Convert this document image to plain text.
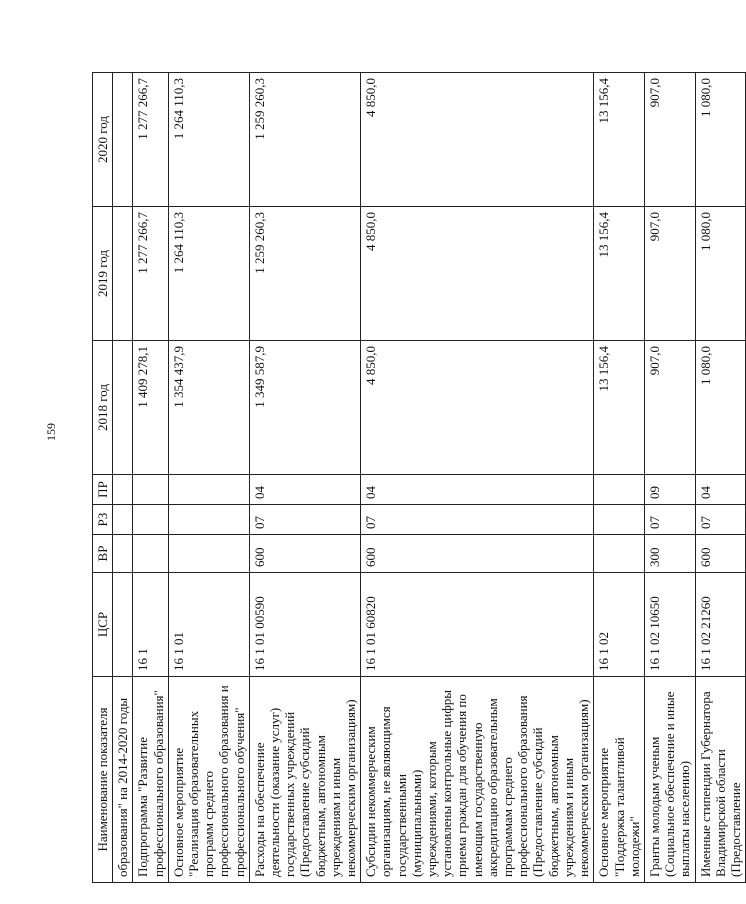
159
Наименование показателя	ЦСР	ВР	РЗ	ПР	2018 год	2019 год	2020 год
образования" на 2014-2020 годы							
Подпрограмма "Развитие профессионального образования"	16 1				1 409 278,1	1 277 266,7	1 277 266,7
Основное мероприятие "Реализация образовательных программ среднего профессионального образования и профессионального обучения"	16 1 01				1 354 437,9	1 264 110,3	1 264 110,3
Расходы на обеспечение деятельности (оказание услуг) государственных учреждений (Предоставление субсидий бюджетным, автономным учреждениям и иным некоммерческим организациям)	16 1 01 00590	600	07	04	1 349 587,9	1 259 260,3	1 259 260,3
Субсидии некоммерческим организациям, не являющимся государственными (муниципальными) учреждениями, которым установлены контрольные цифры приема граждан для обучения по имеющим государственную аккредитацию образовательным программам среднего профессионального образования (Предоставление субсидий бюджетным, автономным учреждениям и иным некоммерческим организациям)	16 1 01 60820	600	07	04	4 850,0	4 850,0	4 850,0
Основное мероприятие "Поддержка талантливой молодежи"	16 1 02				13 156,4	13 156,4	13 156,4
Гранты молодым ученым (Социальное обеспечение и иные выплаты населению)	16 1 02 10650	300	07	09	907,0	907,0	907,0
Именные стипендии Губернатора Владимирской области (Предоставление	16 1 02 21260	600	07	04	1 080,0	1 080,0	1 080,0
